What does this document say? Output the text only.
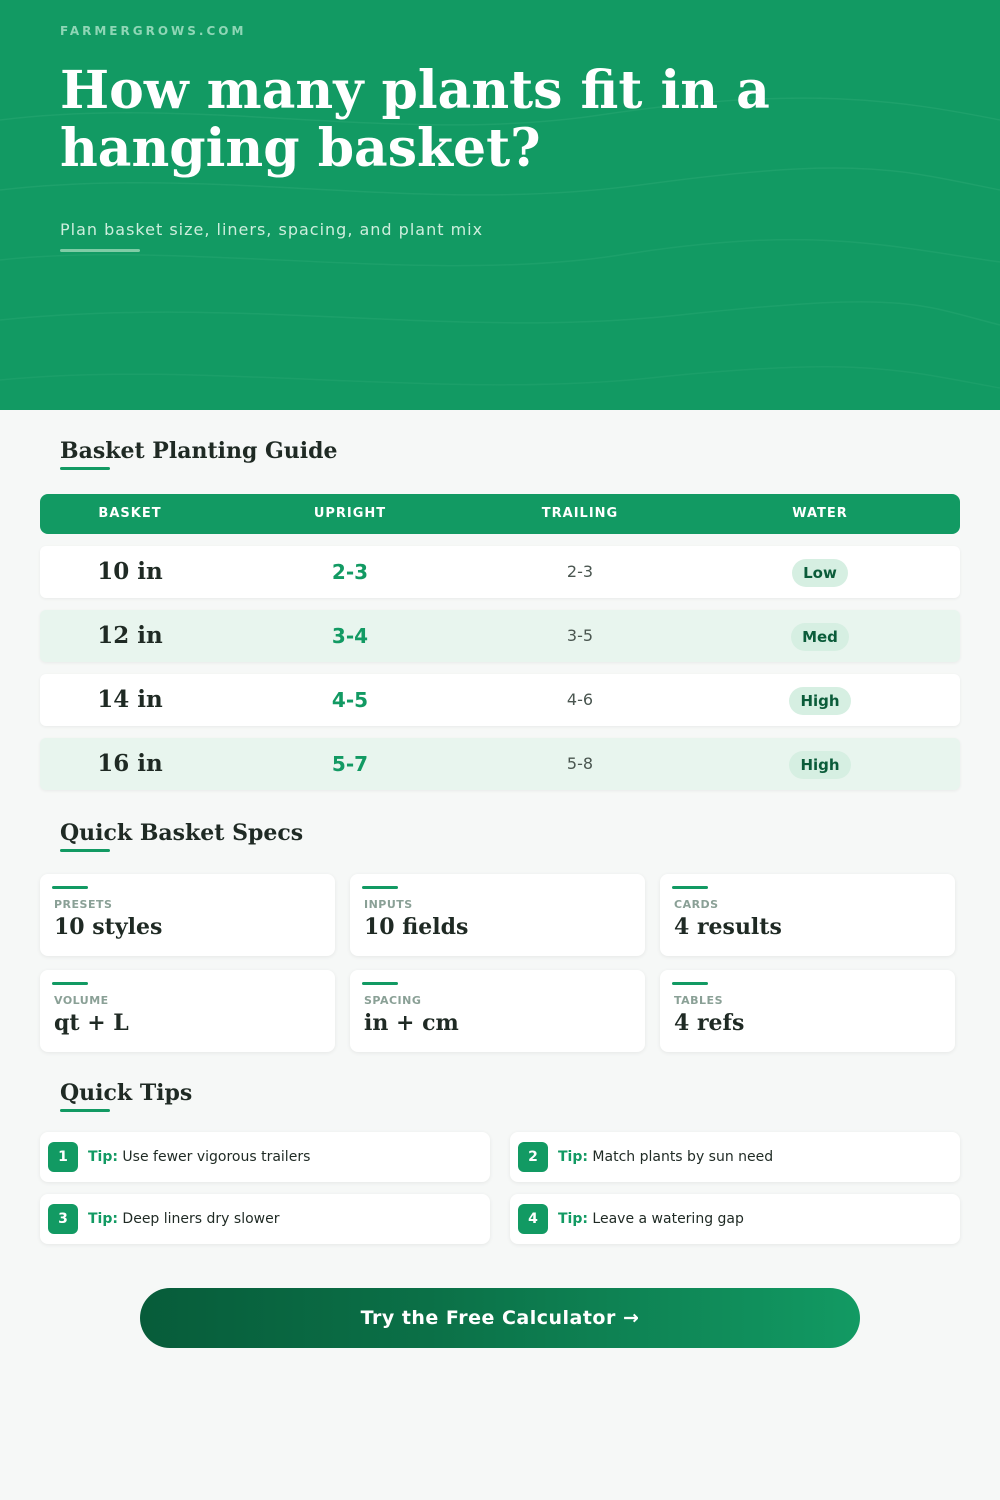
FARMERGROWS.COM
How many plants fit in a hanging basket?
Plan basket size, liners, spacing, and plant mix
Basket Planting Guide
BASKET	UPRIGHT	TRAILING	WATER
10 in	2-3	2-3	Low
12 in	3-4	3-5	Med
14 in	4-5	4-6	High
16 in	5-7	5-8	High
Quick Basket Specs
PRESETS
10 styles
INPUTS
10 fields
CARDS
4 results
VOLUME
qt + L
SPACING
in + cm
TABLES
4 refs
Quick Tips
1	Tip: Use fewer vigorous trailers	2	Tip: Match plants by sun need
3	Tip: Deep liners dry slower	4	Tip: Leave a watering gap
Try the Free Calculator →
